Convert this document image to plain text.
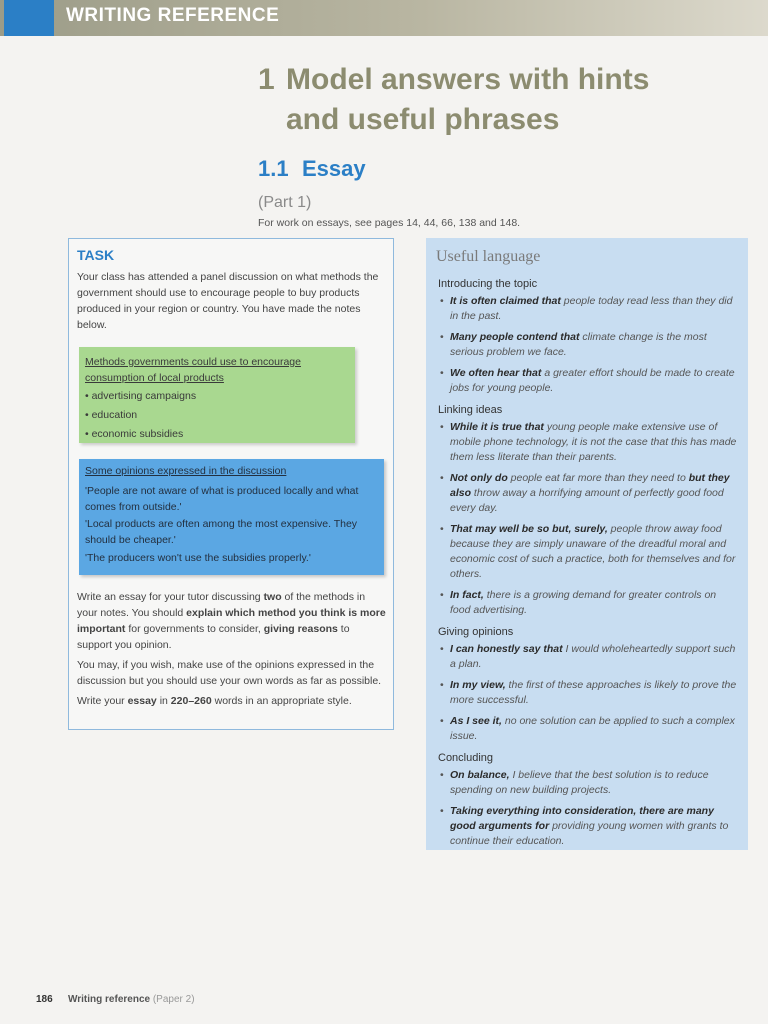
WRITING REFERENCE
1 Model answers with hints
and useful phrases
1.1 Essay
(Part 1)
For work on essays, see pages 14, 44, 66, 138 and 148.
TASK
Your class has attended a panel discussion on what methods the government should use to encourage people to buy products produced in your region or country. You have made the notes below.
Methods governments could use to encourage consumption of local products
• advertising campaigns
• education
• economic subsidies
Some opinions expressed in the discussion
'People are not aware of what is produced locally and what comes from outside.'
'Local products are often among the most expensive. They should be cheaper.'
'The producers won't use the subsidies properly.'

Write an essay for your tutor discussing two of the methods in your notes. You should explain which method you think is more important for governments to consider, giving reasons to support you opinion.

You may, if you wish, make use of the opinions expressed in the discussion but you should use your own words as far as possible.

Write your essay in 220–260 words in an appropriate style.

Useful language
Introducing the topic
• It is often claimed that people today read less than they did in the past.
• Many people contend that climate change is the most serious problem we face.
• We often hear that a greater effort should be made to create jobs for young people.
Linking ideas
• While it is true that young people make extensive use of mobile phone technology, it is not the case that this has made them less literate than their parents.
• Not only do people eat far more than they need to but they also throw away a horrifying amount of perfectly good food every day.
• That may well be so but, surely, people throw away food because they are simply unaware of the dreadful moral and economic cost of such a practice, both for themselves and for others.
• In fact, there is a growing demand for greater controls on food advertising.
Giving opinions
• I can honestly say that I would wholeheartedly support such a plan.
• In my view, the first of these approaches is likely to prove the more successful.
• As I see it, no one solution can be applied to such a complex issue.
Concluding
• On balance, I believe that the best solution is to reduce spending on new building projects.
• Taking everything into consideration, there are many good arguments for providing young women with grants to continue their education.
186 Writing reference (Paper 2)
